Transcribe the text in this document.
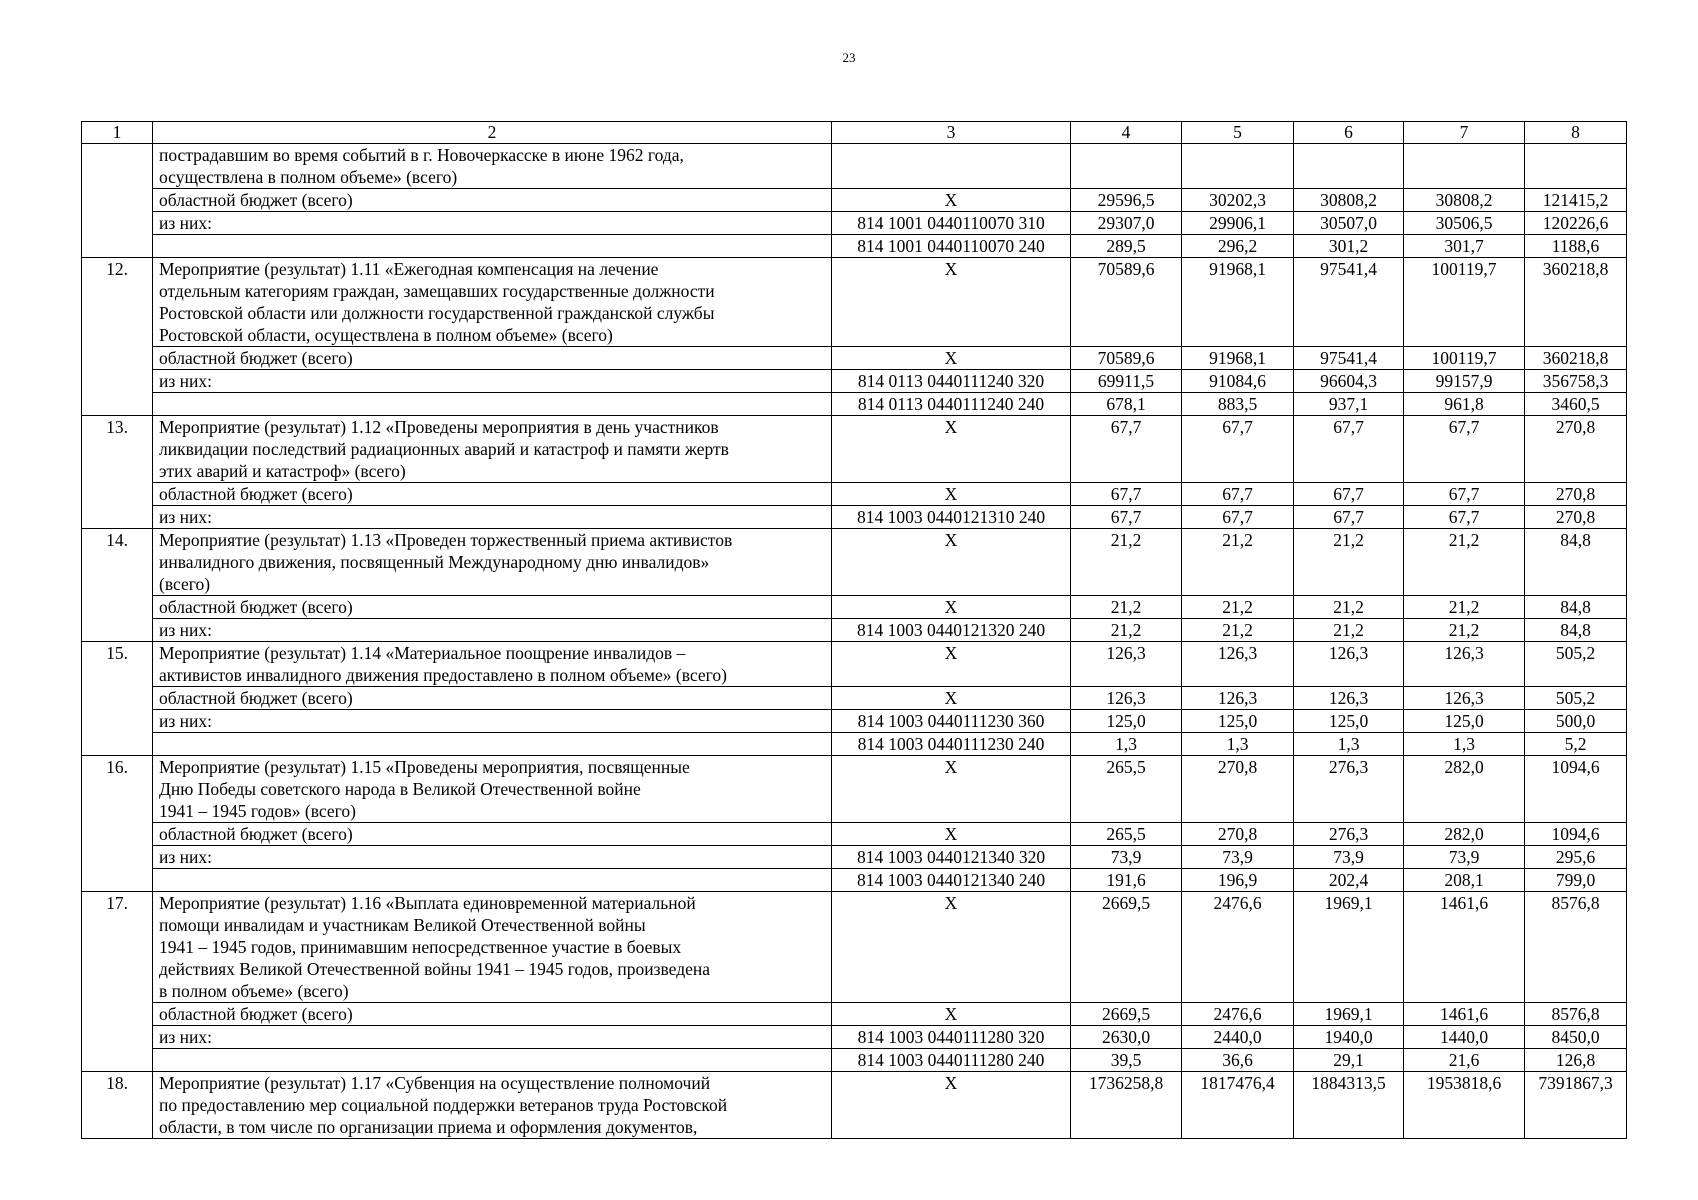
23
1	2	3	4	5	6	7	8

	пострадавшим во время событий в г. Новочеркасске в июне 1962 года,
осуществлена в полном объеме» (всего)						

	областной бюджет (всего)	X	29596,5	30202,3	30808,2	30808,2	121415,2
	из них:	814 1001 0440110070 310	29307,0	29906,1	30507,0	30506,5	120226,6
		814 1001 0440110070 240	289,5	296,2	301,2	301,7	1188,6
12.	Мероприятие (результат) 1.11 «Ежегодная компенсация на лечение
отдельным категориям граждан, замещавших государственные должности
Ростовской области или должности государственной гражданской службы
Ростовской области, осуществлена в полном объеме» (всего)	X	70589,6	91968,1	97541,4	100119,7	360218,8
	областной бюджет (всего)	X	70589,6	91968,1	97541,4	100119,7	360218,8
	из них:	814 0113 0440111240 320	69911,5	91084,6	96604,3	99157,9	356758,3
		814 0113 0440111240 240	678,1	883,5	937,1	961,8	3460,5
13.	Мероприятие (результат) 1.12 «Проведены мероприятия в день участников
ликвидации последствий радиационных аварий и катастроф и памяти жертв
этих аварий и катастроф» (всего)	X	67,7	67,7	67,7	67,7	270,8
	областной бюджет (всего)	X	67,7	67,7	67,7	67,7	270,8
	из них:	814 1003 0440121310 240	67,7	67,7	67,7	67,7	270,8
14.	Мероприятие (результат) 1.13 «Проведен торжественный приема активистов
инвалидного движения, посвященный Международному дню инвалидов»
(всего)	X	21,2	21,2	21,2	21,2	84,8
	областной бюджет (всего)	X	21,2	21,2	21,2	21,2	84,8
	из них:	814 1003 0440121320 240	21,2	21,2	21,2	21,2	84,8
15.	Мероприятие (результат) 1.14 «Материальное поощрение инвалидов –
активистов инвалидного движения предоставлено в полном объеме» (всего)	X	126,3	126,3	126,3	126,3	505,2
	областной бюджет (всего)	X	126,3	126,3	126,3	126,3	505,2
	из них:	814 1003 0440111230 360	125,0	125,0	125,0	125,0	500,0
		814 1003 0440111230 240	1,3	1,3	1,3	1,3	5,2
16.	Мероприятие (результат) 1.15 «Проведены мероприятия, посвященные
Дню Победы советского народа в Великой Отечественной войне
1941 – 1945 годов» (всего)	X	265,5	270,8	276,3	282,0	1094,6
	областной бюджет (всего)	X	265,5	270,8	276,3	282,0	1094,6
	из них:	814 1003 0440121340 320	73,9	73,9	73,9	73,9	295,6
		814 1003 0440121340 240	191,6	196,9	202,4	208,1	799,0
17.	Мероприятие (результат) 1.16 «Выплата единовременной материальной
помощи инвалидам и участникам Великой Отечественной войны
1941 – 1945 годов, принимавшим непосредственное участие в боевых
действиях Великой Отечественной войны 1941 – 1945 годов, произведена
в полном объеме» (всего)	X	2669,5	2476,6	1969,1	1461,6	8576,8
	областной бюджет (всего)	X	2669,5	2476,6	1969,1	1461,6	8576,8
	из них:	814 1003 0440111280 320	2630,0	2440,0	1940,0	1440,0	8450,0
		814 1003 0440111280 240	39,5	36,6	29,1	21,6	126,8
18.	Мероприятие (результат) 1.17 «Субвенция на осуществление полномочий
по предоставлению мер социальной поддержки ветеранов труда Ростовской
области, в том числе по организации приема и оформления документов,	X	1736258,8	1817476,4	1884313,5	1953818,6	7391867,3
